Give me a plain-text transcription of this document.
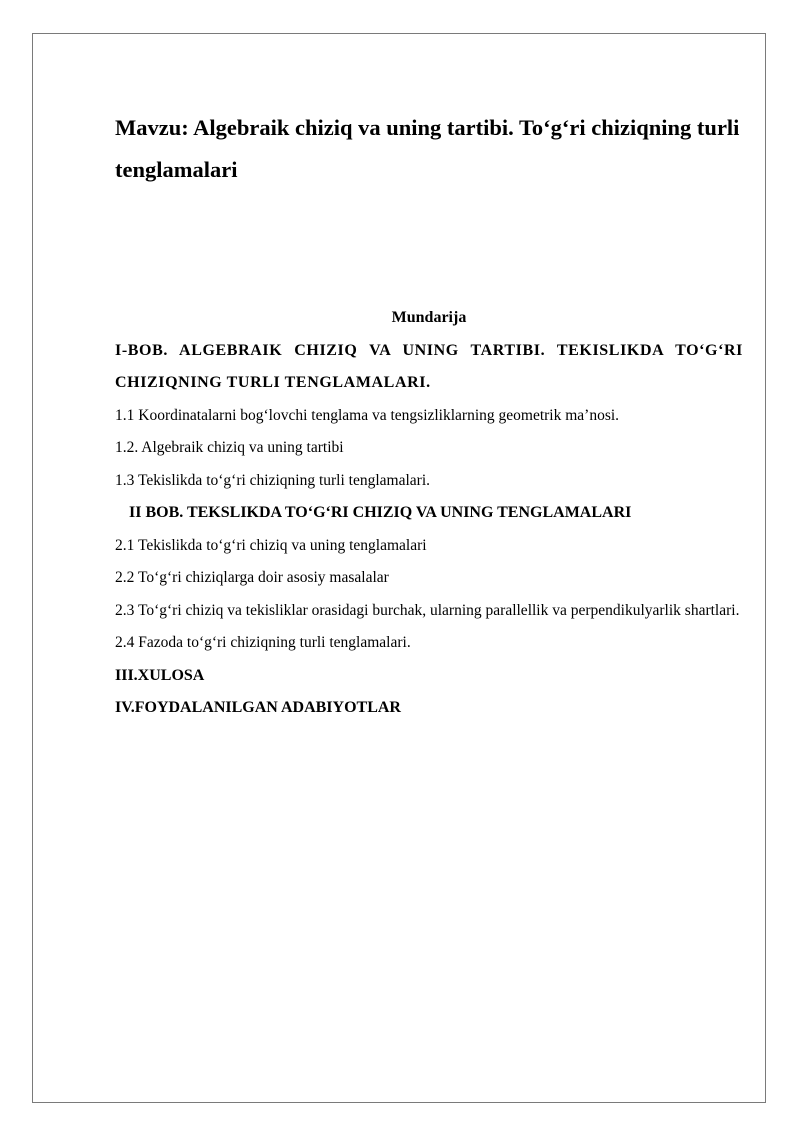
Mavzu: Algebraik chiziq va uning tartibi. To‘g‘ri chiziqning turli tenglamalari
Mundarija
I-BOB. ALGEBRAIK CHIZIQ VA UNING TARTIBI. TEKISLIKDA TO‘G‘RI CHIZIQNING TURLI TENGLAMALARI.
1.1 Koordinatalarni bog‘lovchi tenglama va tengsizliklarning geometrik ma’nosi.
1.2. Algebraik chiziq va uning tartibi
1.3 Tekislikda to‘g‘ri chiziqning turli tenglamalari.
II BOB. TEKSLIKDA TO‘G‘RI CHIZIQ VA UNING TENGLAMALARI
2.1 Tekislikda to‘g‘ri chiziq va uning tenglamalari
2.2 To‘g‘ri chiziqlarga doir asosiy masalalar
2.3 To‘g‘ri chiziq va tekisliklar orasidagi burchak, ularning parallellik va perpendikulyarlik shartlari.
2.4 Fazoda to‘g‘ri chiziqning turli tenglamalari.
III.XULOSA
IV.FOYDALANILGAN ADABIYOTLAR
